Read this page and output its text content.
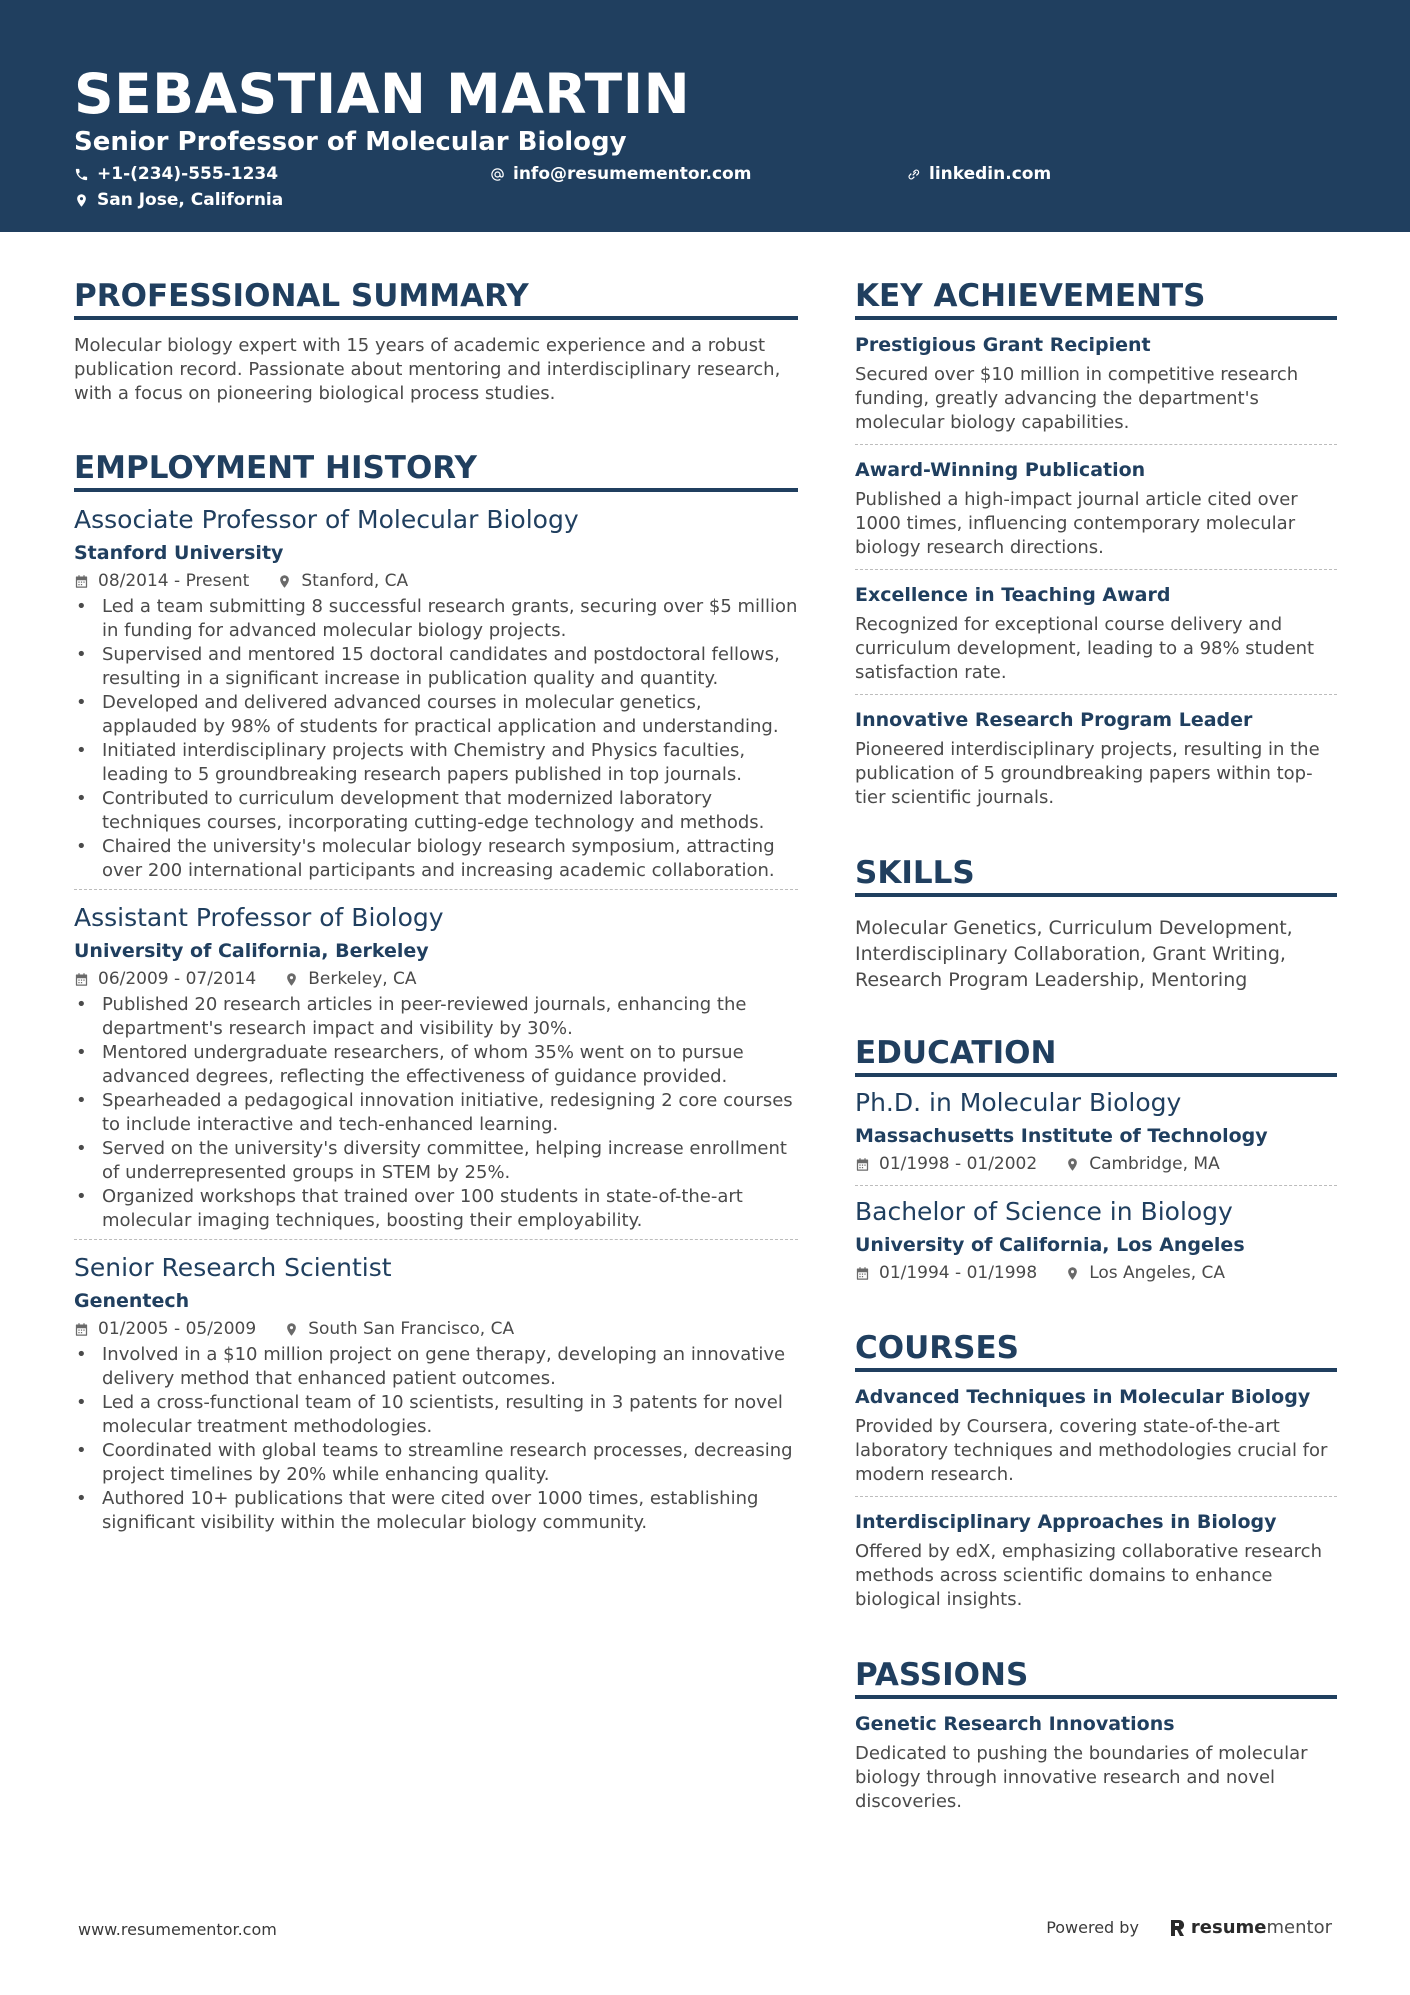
SEBASTIAN MARTIN
Senior Professor of Molecular Biology
+1-(234)-555-1234	info@resumementor.com	linkedin.com
San Jose, California
PROFESSIONAL SUMMARY
Molecular biology expert with 15 years of academic experience and a robust publication record. Passionate about mentoring and interdisciplinary research, with a focus on pioneering biological process studies.
EMPLOYMENT HISTORY
Associate Professor of Molecular Biology
Stanford University
08/2014 - Present	Stanford, CA
• Led a team submitting 8 successful research grants, securing over $5 million in funding for advanced molecular biology projects.
• Supervised and mentored 15 doctoral candidates and postdoctoral fellows, resulting in a significant increase in publication quality and quantity.
• Developed and delivered advanced courses in molecular genetics, applauded by 98% of students for practical application and understanding.
• Initiated interdisciplinary projects with Chemistry and Physics faculties, leading to 5 groundbreaking research papers published in top journals.
• Contributed to curriculum development that modernized laboratory techniques courses, incorporating cutting-edge technology and methods.
• Chaired the university's molecular biology research symposium, attracting over 200 international participants and increasing academic collaboration.
Assistant Professor of Biology
University of California, Berkeley
06/2009 - 07/2014	Berkeley, CA
• Published 20 research articles in peer-reviewed journals, enhancing the department's research impact and visibility by 30%.
• Mentored undergraduate researchers, of whom 35% went on to pursue advanced degrees, reflecting the effectiveness of guidance provided.
• Spearheaded a pedagogical innovation initiative, redesigning 2 core courses to include interactive and tech-enhanced learning.
• Served on the university's diversity committee, helping increase enrollment of underrepresented groups in STEM by 25%.
• Organized workshops that trained over 100 students in state-of-the-art molecular imaging techniques, boosting their employability.
Senior Research Scientist
Genentech
01/2005 - 05/2009	South San Francisco, CA
• Involved in a $10 million project on gene therapy, developing an innovative delivery method that enhanced patient outcomes.
• Led a cross-functional team of 10 scientists, resulting in 3 patents for novel molecular treatment methodologies.
• Coordinated with global teams to streamline research processes, decreasing project timelines by 20% while enhancing quality.
• Authored 10+ publications that were cited over 1000 times, establishing significant visibility within the molecular biology community.
KEY ACHIEVEMENTS
Prestigious Grant Recipient
Secured over $10 million in competitive research funding, greatly advancing the department's molecular biology capabilities.
Award-Winning Publication
Published a high-impact journal article cited over 1000 times, influencing contemporary molecular biology research directions.
Excellence in Teaching Award
Recognized for exceptional course delivery and curriculum development, leading to a 98% student satisfaction rate.
Innovative Research Program Leader
Pioneered interdisciplinary projects, resulting in the publication of 5 groundbreaking papers within top-tier scientific journals.
SKILLS
Molecular Genetics, Curriculum Development, Interdisciplinary Collaboration, Grant Writing, Research Program Leadership, Mentoring
EDUCATION
Ph.D. in Molecular Biology
Massachusetts Institute of Technology
01/1998 - 01/2002	Cambridge, MA
Bachelor of Science in Biology
University of California, Los Angeles
01/1994 - 01/1998	Los Angeles, CA
COURSES
Advanced Techniques in Molecular Biology
Provided by Coursera, covering state-of-the-art laboratory techniques and methodologies crucial for modern research.
Interdisciplinary Approaches in Biology
Offered by edX, emphasizing collaborative research methods across scientific domains to enhance biological insights.
PASSIONS
Genetic Research Innovations
Dedicated to pushing the boundaries of molecular biology through innovative research and novel discoveries.
www.resumementor.com	Powered by	resumementor
